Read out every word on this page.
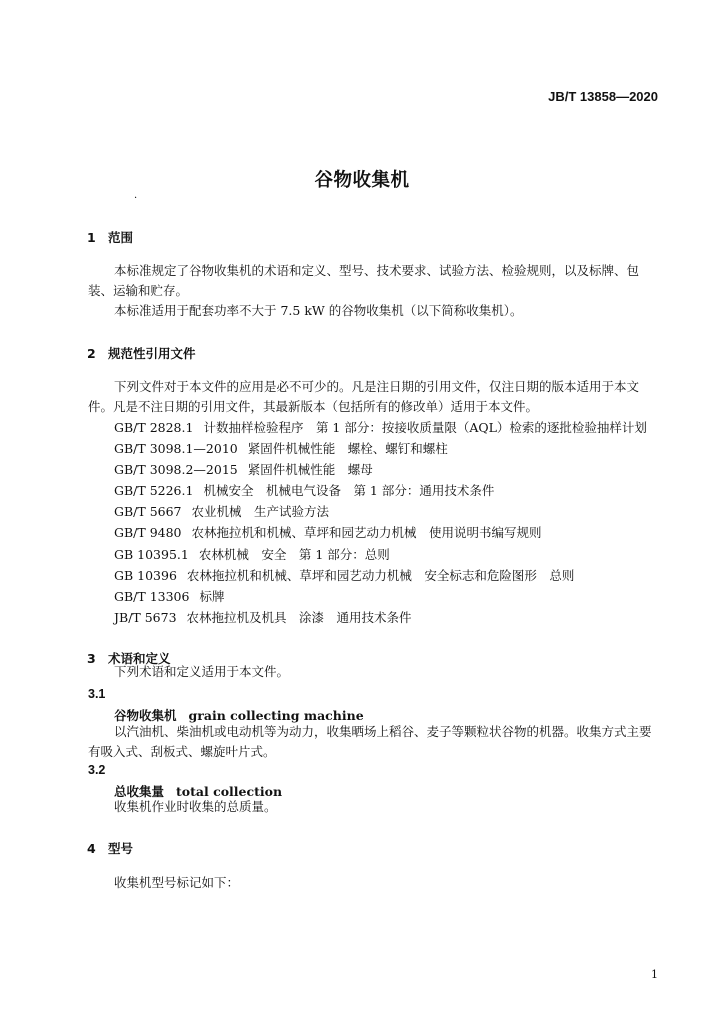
JB/T 13858—2020
谷物收集机
·
1 范围
本标准规定了谷物收集机的术语和定义、型号、技术要求、试验方法、检验规则，以及标牌、包装、运输和贮存。
本标准适用于配套功率不大于 7.5 kW 的谷物收集机（以下简称收集机）。
2 规范性引用文件
下列文件对于本文件的应用是必不可少的。凡是注日期的引用文件，仅注日期的版本适用于本文件。凡是不注日期的引用文件，其最新版本（包括所有的修改单）适用于本文件。
GB/T 2828.1 计数抽样检验程序　第 1 部分：按接收质量限（AQL）检索的逐批检验抽样计划
GB/T 3098.1—2010 紧固件机械性能　螺栓、螺钉和螺柱
GB/T 3098.2—2015 紧固件机械性能　螺母
GB/T 5226.1 机械安全　机械电气设备　第 1 部分：通用技术条件
GB/T 5667 农业机械　生产试验方法
GB/T 9480 农林拖拉机和机械、草坪和园艺动力机械　使用说明书编写规则
GB 10395.1 农林机械　安全　第 1 部分：总则
GB 10396 农林拖拉机和机械、草坪和园艺动力机械　安全标志和危险图形　总则
GB/T 13306 标牌
JB/T 5673 农林拖拉机及机具　涂漆　通用技术条件
3 术语和定义
下列术语和定义适用于本文件。
3.1
谷物收集机 grain collecting machine
以汽油机、柴油机或电动机等为动力，收集晒场上稻谷、麦子等颗粒状谷物的机器。收集方式主要有吸入式、刮板式、螺旋叶片式。
3.2
总收集量 total collection
收集机作业时收集的总质量。
4 型号
收集机型号标记如下：
1
